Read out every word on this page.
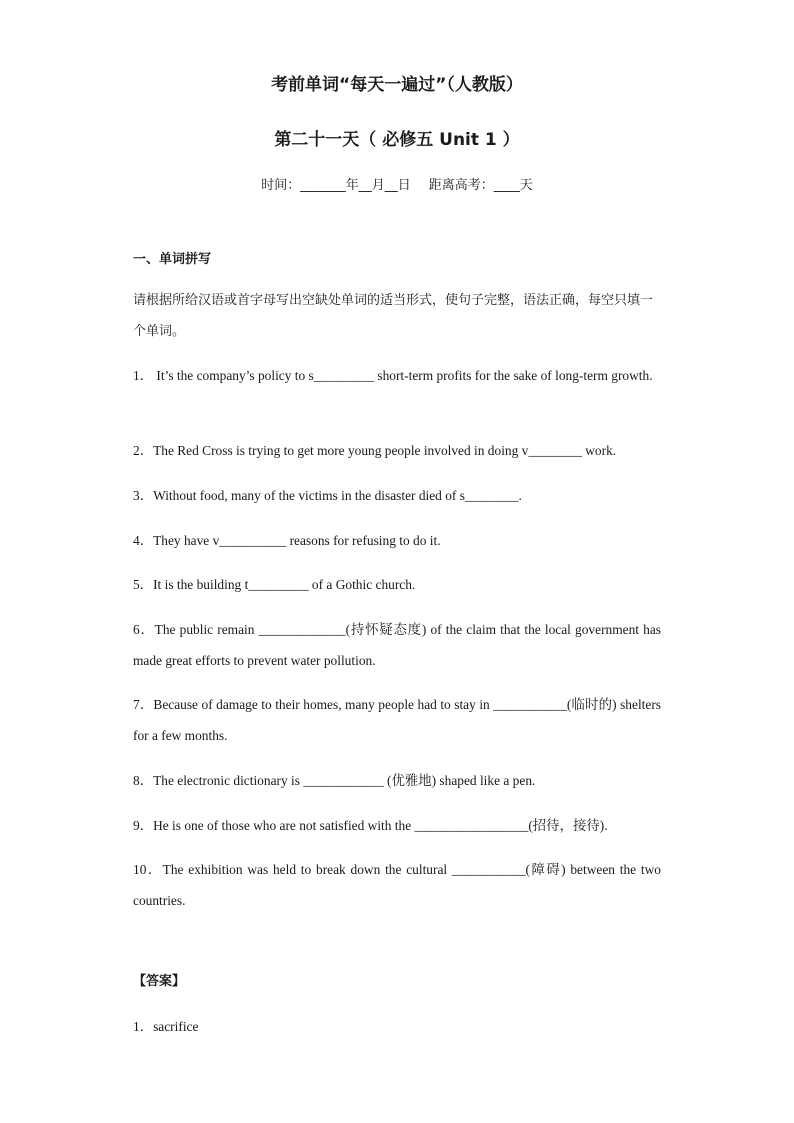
考前单词“每天一遍过”（人教版）
第二十一天（ 必修五 Unit 1 ）
时间：_______年__月__日 距离高考：____天
一、单词拼写
请根据所给汉语或首字母写出空缺处单词的适当形式，使句子完整，语法正确，每空只填一个单词。
1． It’s the company’s policy to s_________ short-term profits for the sake of long-term growth.
2．The Red Cross is trying to get more young people involved in doing v________ work.
3．Without food, many of the victims in the disaster died of s________.
4．They have v__________ reasons for refusing to do it.
5．It is the building t_________ of a Gothic church.
6．The public remain _____________(持怀疑态度) of the claim that the local government has made great efforts to prevent water pollution.
7．Because of damage to their homes, many people had to stay in ___________(临时的) shelters for a few months.
8．The electronic dictionary is ____________ (优雅地) shaped like a pen.
9．He is one of those who are not satisfied with the _________________(招待，接待).
10．The exhibition was held to break down the cultural ___________(障碍) between the two countries.
【答案】
1．sacrifice
